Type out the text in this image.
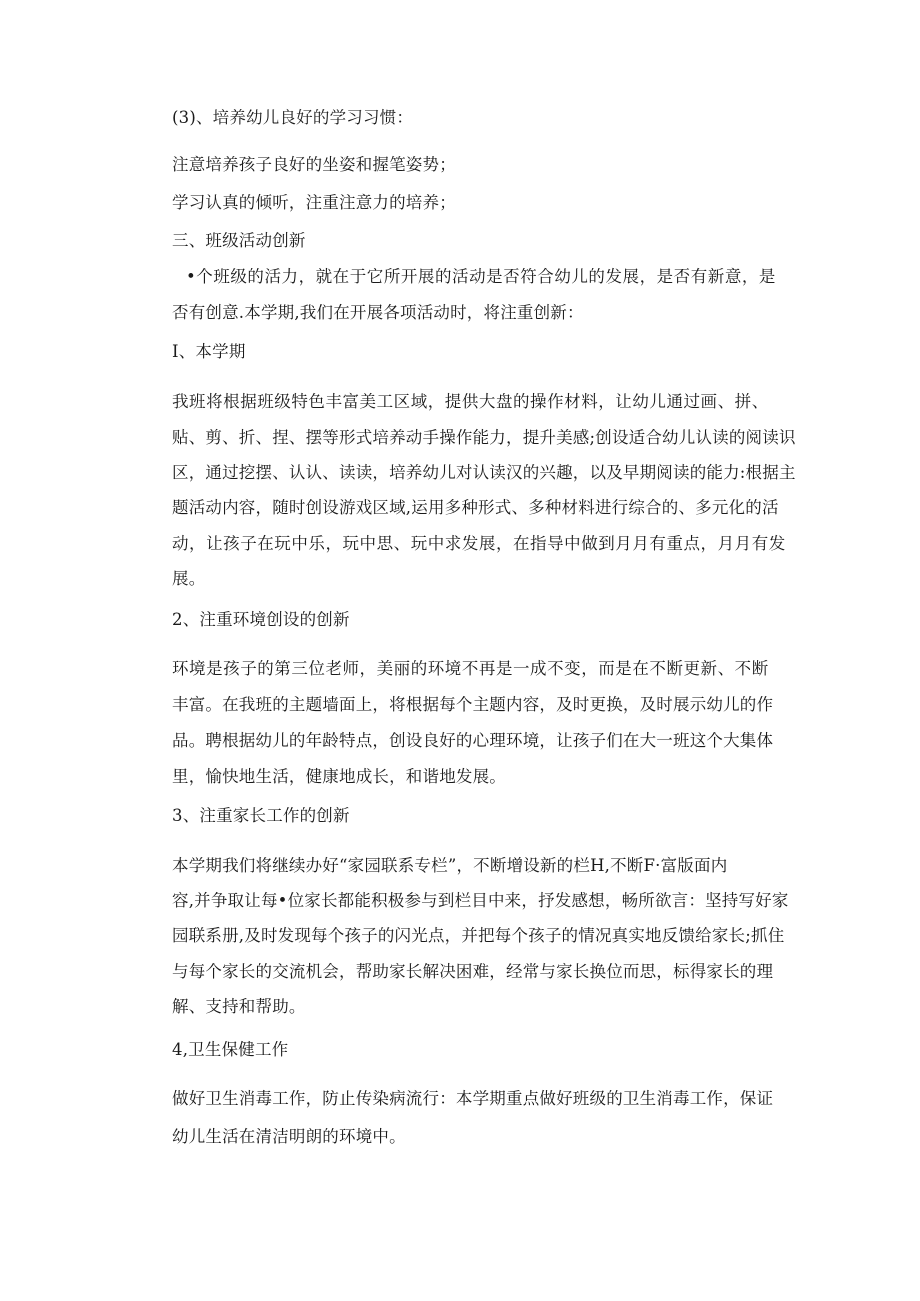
(3)、培养幼儿良好的学习习惯：
注意培养孩子良好的坐姿和握笔姿势；
学习认真的倾听，注重注意力的培养；
三、班级活动创新
•个班级的活力，就在于它所开展的活动是否符合幼儿的发展，是否有新意，是
否有创意.本学期,我们在开展各项活动时，将注重创新：
I、本学期
我班将根据班级特色丰富美工区域，提供大盘的操作材料，让幼儿通过画、拼、
贴、剪、折、捏、摆等形式培养动手操作能力，提升美感;创设适合幼儿认读的阅读识
区，通过挖摆、认认、读读，培养幼儿对认读汉的兴趣，以及早期阅读的能力:根据主
题活动内容，随时创设游戏区域,运用多种形式、多种材料进行综合的、多元化的活
动，让孩子在玩中乐，玩中思、玩中求发展，在指导中做到月月有重点，月月有发
展。
2、注重环境创设的创新
环境是孩子的第三位老师，美丽的环境不再是一成不变，而是在不断更新、不断
丰富。在我班的主题墙面上，将根据每个主题内容，及时更换，及时展示幼儿的作
品。聘根据幼儿的年龄特点，创设良好的心理环境，让孩子们在大一班这个大集体
里，愉快地生活，健康地成长，和谐地发展。
3、注重家长工作的创新
本学期我们将继续办好“家园联系专栏”，不断增设新的栏H,不断F·富版面内
容,并争取让每•位家长都能积极参与到栏目中来，抒发感想，畅所欲言：坚持写好家
园联系册,及时发现每个孩子的闪光点，并把每个孩子的情况真实地反馈给家长;抓住
与每个家长的交流机会，帮助家长解决困难，经常与家长换位而思，标得家长的理
解、支持和帮助。
4,卫生保健工作
做好卫生消毒工作，防止传染病流行：本学期重点做好班级的卫生消毒工作，保证
幼儿生活在清洁明朗的环境中。
